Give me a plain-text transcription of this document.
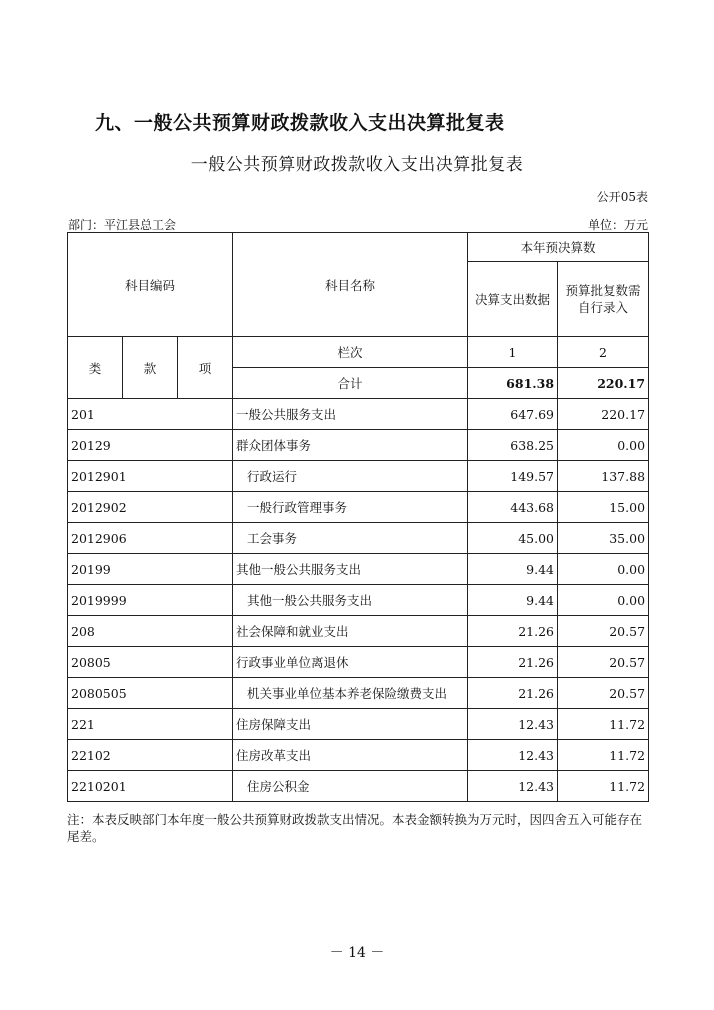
九、一般公共预算财政拨款收入支出决算批复表
一般公共预算财政拨款收入支出决算批复表
公开05表
部门：平江县总工会	单位：万元
科目编码			科目名称	本年预决算数	
				决算支出数据	预算批复数需自行录入
类	款	项	栏次	1	2
			合计	681.38	220.17
201			一般公共服务支出	647.69	220.17
20129			群众团体事务	638.25	0.00
2012901			行政运行	149.57	137.88
2012902			一般行政管理事务	443.68	15.00
2012906			工会事务	45.00	35.00
20199			其他一般公共服务支出	9.44	0.00
2019999			其他一般公共服务支出	9.44	0.00
208			社会保障和就业支出	21.26	20.57
20805			行政事业单位离退休	21.26	20.57
2080505			机关事业单位基本养老保险缴费支出	21.26	20.57
221			住房保障支出	12.43	11.72
22102			住房改革支出	12.43	11.72
2210201			住房公积金	12.43	11.72
注：本表反映部门本年度一般公共预算财政拨款支出情况。本表金额转换为万元时，因四舍五入可能存在尾差。
－ 14 －
